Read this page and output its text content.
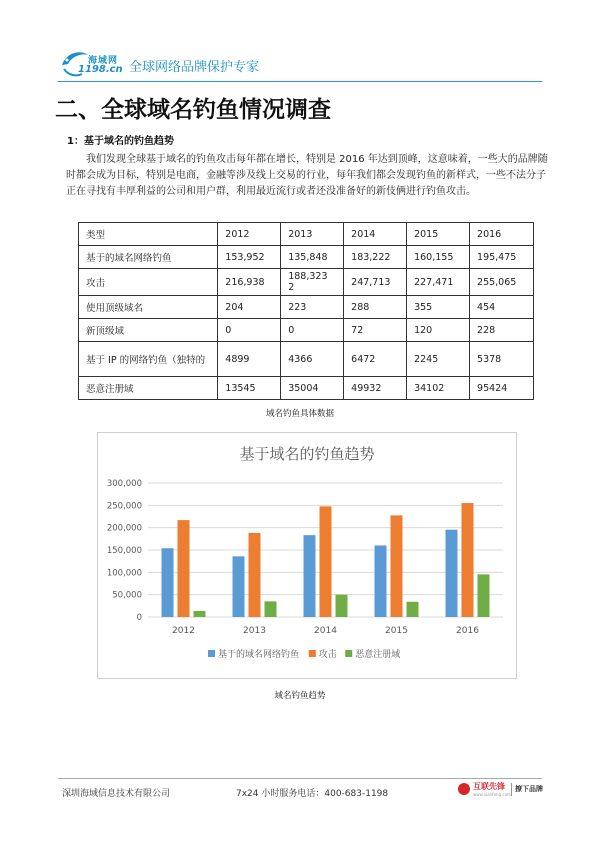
海域网
1198.cn 全球网络品牌保护专家
二、全球域名钓鱼情况调查
1：基于域名的钓鱼趋势

我们发现全球基于域名的钓鱼攻击每年都在增长，特别是 2016 年达到顶峰，这意味着，一些大的品牌随时都会成为目标，特别是电商，金融等涉及线上交易的行业，每年我们都会发现钓鱼的新样式，一些不法分子正在寻找有丰厚利益的公司和用户群，利用最近流行或者还没准备好的新伎俩进行钓鱼攻击。

类型	2012	2013	2014	2015	2016
基于的域名网络钓鱼	153,952	135,848	183,222	160,155	195,475
攻击	216,938	188,323 2	247,713	227,471	255,065
使用顶级域名	204	223	288	355	454
新顶级域	0	0	72	120	228
基于 IP 的网络钓鱼（独特的	4899	4366	6472	2245	5378
恶意注册域	13545	35004	49932	34102	95424
域名钓鱼具体数据
基于域名的钓鱼趋势
0
50,000
100,000
150,000
200,000
250,000
300,000
2012	2013	2014	2015	2016
基于的域名网络钓鱼 攻击 恶意注册域
域名钓鱼趋势
深圳海域信息技术有限公司	7x24 小时服务电话：400-683-1198
互联先锋
www.xianfeng.com
撩下品牌
